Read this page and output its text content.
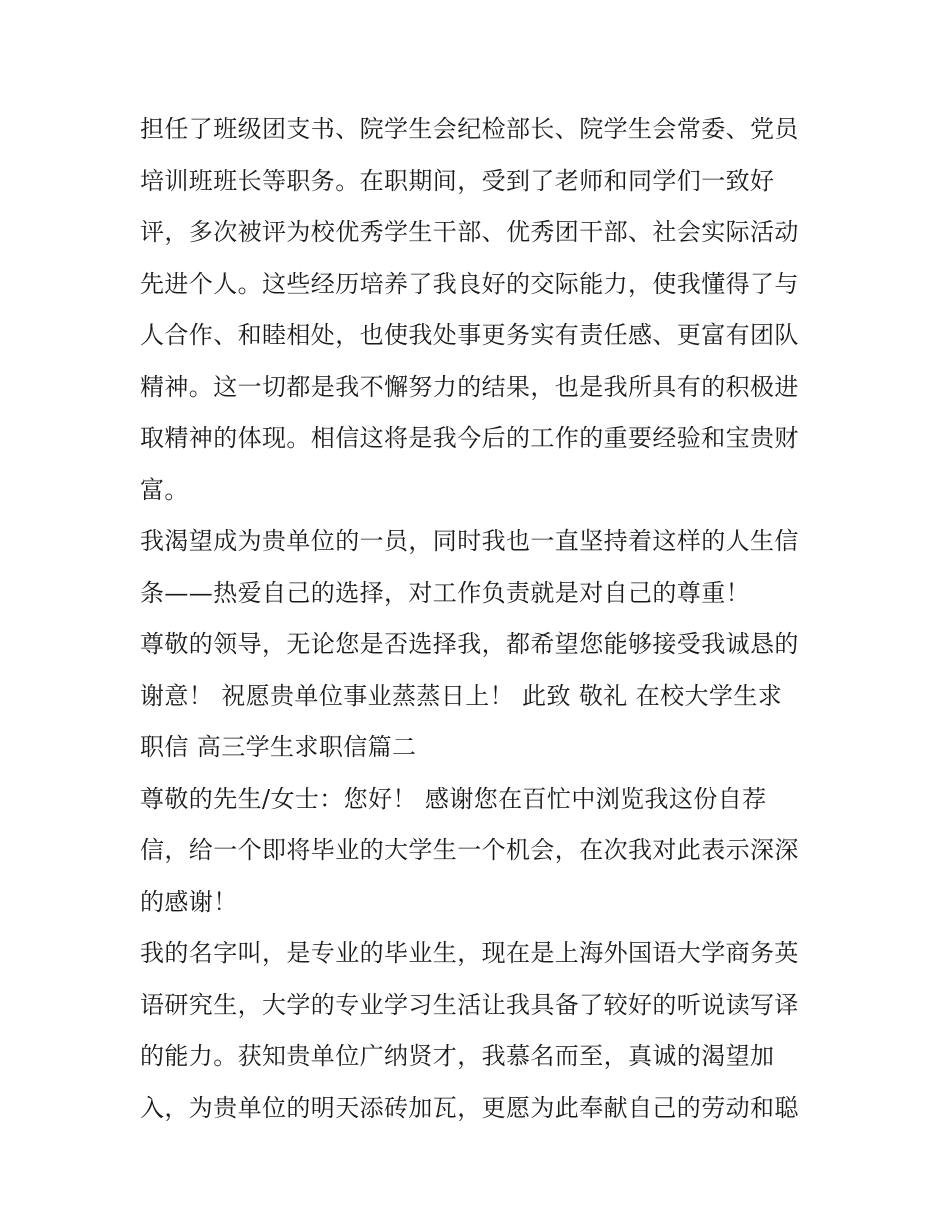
担任了班级团支书、院学生会纪检部长、院学生会常委、党员
培训班班长等职务。在职期间，受到了老师和同学们一致好
评，多次被评为校优秀学生干部、优秀团干部、社会实际活动
先进个人。这些经历培养了我良好的交际能力，使我懂得了与
人合作、和睦相处，也使我处事更务实有责任感、更富有团队
精神。这一切都是我不懈努力的结果，也是我所具有的积极进
取精神的体现。相信这将是我今后的工作的重要经验和宝贵财
富。
我渴望成为贵单位的一员，同时我也一直坚持着这样的人生信
条——热爱自己的选择，对工作负责就是对自己的尊重！
尊敬的领导，无论您是否选择我，都希望您能够接受我诚恳的
谢意！ 祝愿贵单位事业蒸蒸日上！ 此致 敬礼 在校大学生求
职信 高三学生求职信篇二
尊敬的先生/女士：您好！ 感谢您在百忙中浏览我这份自荐
信，给一个即将毕业的大学生一个机会，在次我对此表示深深
的感谢！
我的名字叫，是专业的毕业生，现在是上海外国语大学商务英
语研究生，大学的专业学习生活让我具备了较好的听说读写译
的能力。获知贵单位广纳贤才，我慕名而至，真诚的渴望加
入，为贵单位的明天添砖加瓦，更愿为此奉献自己的劳动和聪
